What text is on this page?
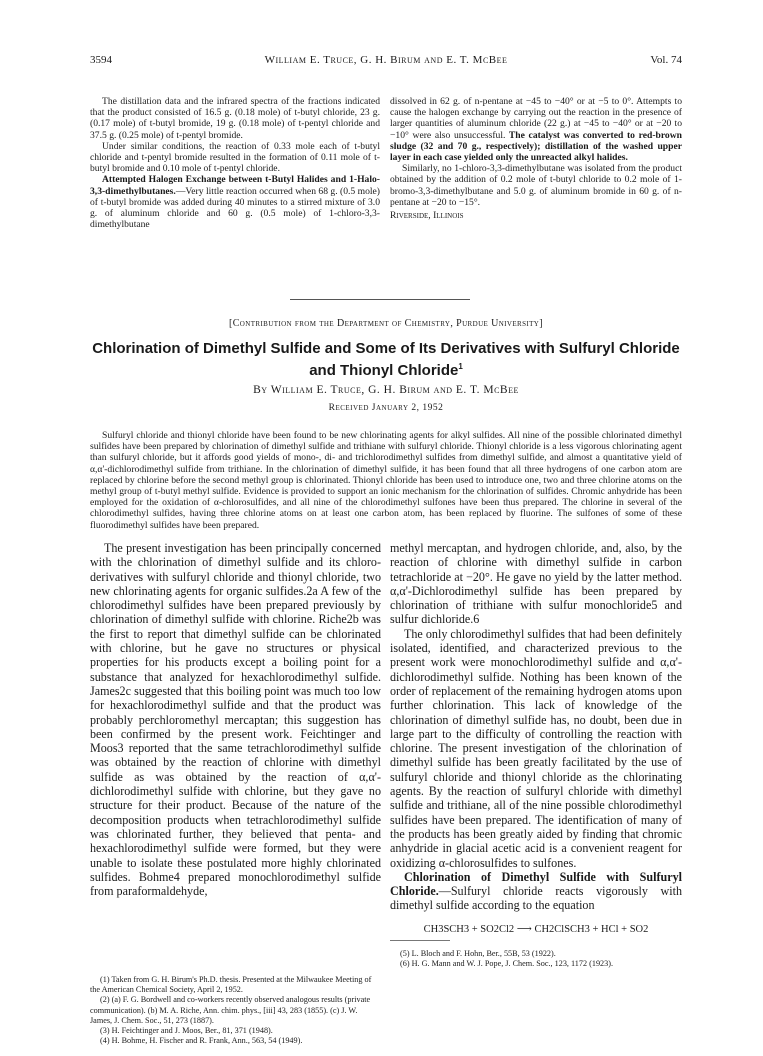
3594	William E. Truce, G. H. Birum and E. T. McBee	Vol. 74

The distillation data and the infrared spectra of the fractions indicated that the product consisted of 16.5 g. (0.18 mole) of t-butyl chloride, 23 g. (0.17 mole) of t-butyl bromide, 19 g. (0.18 mole) of t-pentyl chloride and 37.5 g. (0.25 mole) of t-pentyl bromide.

Under similar conditions, the reaction of 0.33 mole each of t-butyl chloride and t-pentyl bromide resulted in the formation of 0.11 mole of t-butyl bromide and 0.10 mole of t-pentyl chloride.

Attempted Halogen Exchange between t-Butyl Halides and 1-Halo-3,3-dimethylbutanes.—Very little reaction occurred when 68 g. (0.5 mole) of t-butyl bromide was added during 40 minutes to a stirred mixture of 3.0 g. of aluminum chloride and 60 g. (0.5 mole) of 1-chloro-3,3-dimethylbutane

dissolved in 62 g. of n-pentane at −45 to −40° or at −5 to 0°. Attempts to cause the halogen exchange by carrying out the reaction in the presence of larger quantities of aluminum chloride (22 g.) at −45 to −40° or at −20 to −10° were also unsuccessful. The catalyst was converted to red-brown sludge (32 and 70 g., respectively); distillation of the washed upper layer in each case yielded only the unreacted alkyl halides.

Similarly, no 1-chloro-3,3-dimethylbutane was isolated from the product obtained by the addition of 0.2 mole of t-butyl chloride to 0.2 mole of 1-bromo-3,3-dimethylbutane and 5.0 g. of aluminum bromide in 60 g. of n-pentane at −20 to −15°.

Riverside, Illinois

[Contribution from the Department of Chemistry, Purdue University]
Chlorination of Dimethyl Sulfide and Some of Its Derivatives with Sulfuryl Chloride
and Thionyl Chloride$^1$
By William E. Truce, G. H. Birum and E. T. McBee
Received January 2, 1952

Sulfuryl chloride and thionyl chloride have been found to be new chlorinating agents for alkyl sulfides. All nine of the possible chlorinated dimethyl sulfides have been prepared by chlorination of dimethyl sulfide and trithiane with sulfuryl chloride. Thionyl chloride is a less vigorous chlorinating agent than sulfuryl chloride, but it affords good yields of mono-, di- and trichlorodimethyl sulfides from dimethyl sulfide, and almost a quantitative yield of α,α'-dichlorodimethyl sulfide from trithiane. In the chlorination of dimethyl sulfide, it has been found that all three hydrogens of one carbon atom are replaced by chlorine before the second methyl group is chlorinated. Thionyl chloride has been used to introduce one, two and three chlorine atoms on the methyl group of t-butyl methyl sulfide. Evidence is provided to support an ionic mechanism for the chlorination of sulfides. Chromic anhydride has been employed for the oxidation of α-chlorosulfides, and all nine of the chlorodimethyl sulfones have been thus prepared. The chlorine in several of the chlorodimethyl sulfides, having three chlorine atoms on at least one carbon atom, has been replaced by fluorine. The sulfones of some of these fluorodimethyl sulfides have been prepared.

The present investigation has been principally concerned with the chlorination of dimethyl sulfide and its chloro-derivatives with sulfuryl chloride and thionyl chloride, two new chlorinating agents for organic sulfides.2a A few of the chlorodimethyl sulfides have been prepared previously by chlorination of dimethyl sulfide with chlorine. Riche2b was the first to report that dimethyl sulfide can be chlorinated with chlorine, but he gave no structures or physical properties for his products except a boiling point for a substance that analyzed for hexachlorodimethyl sulfide. James2c suggested that this boiling point was much too low for hexachlorodimethyl sulfide and that the product was probably perchloromethyl mercaptan; this suggestion has been confirmed by the present work. Feichtinger and Moos3 reported that the same tetrachlorodimethyl sulfide was obtained by the reaction of chlorine with dimethyl sulfide as was obtained by the reaction of α,α'-dichlorodimethyl sulfide with chlorine, but they gave no structure for their product. Because of the nature of the decomposition products when tetrachlorodimethyl sulfide was chlorinated further, they believed that penta- and hexachlorodimethyl sulfide were formed, but they were unable to isolate these postulated more highly chlorinated sulfides. Bohme4 prepared monochlorodimethyl sulfide from paraformaldehyde,

(1) Taken from G. H. Birum's Ph.D. thesis. Presented at the Milwaukee Meeting of the American Chemical Society, April 2, 1952.
(2) (a) F. G. Bordwell and co-workers recently observed analogous results (private communication). (b) M. A. Riche, Ann. chim. phys., [iii] 43, 283 (1855). (c) J. W. James, J. Chem. Soc., 51, 273 (1887).
(3) H. Feichtinger and J. Moos, Ber., 81, 371 (1948).
(4) H. Bohme, H. Fischer and R. Frank, Ann., 563, 54 (1949).

methyl mercaptan, and hydrogen chloride, and, also, by the reaction of chlorine with dimethyl sulfide in carbon tetrachloride at −20°. He gave no yield by the latter method. α,α'-Dichlorodimethyl sulfide has been prepared by chlorination of trithiane with sulfur monochloride5 and sulfur dichloride.6

The only chlorodimethyl sulfides that had been definitely isolated, identified, and characterized previous to the present work were monochlorodimethyl sulfide and α,α'-dichlorodimethyl sulfide. Nothing has been known of the order of replacement of the remaining hydrogen atoms upon further chlorination. This lack of knowledge of the chlorination of dimethyl sulfide has, no doubt, been due in large part to the difficulty of controlling the reaction with chlorine. The present investigation of the chlorination of dimethyl sulfide has been greatly facilitated by the use of sulfuryl chloride and thionyl chloride as the chlorinating agents. By the reaction of sulfuryl chloride with dimethyl sulfide and trithiane, all of the nine possible chlorodimethyl sulfides have been prepared. The identification of many of the products has been greatly aided by finding that chromic anhydride in glacial acetic acid is a convenient reagent for oxidizing α-chlorosulfides to sulfones.

Chlorination of Dimethyl Sulfide with Sulfuryl Chloride.—Sulfuryl chloride reacts vigorously with dimethyl sulfide according to the equation

CH3SCH3 + SO2Cl2 ⟶ CH2ClSCH3 + HCl + SO2
(5) L. Bloch and F. Hohn, Ber., 55B, 53 (1922).
(6) H. G. Mann and W. J. Pope, J. Chem. Soc., 123, 1172 (1923).
